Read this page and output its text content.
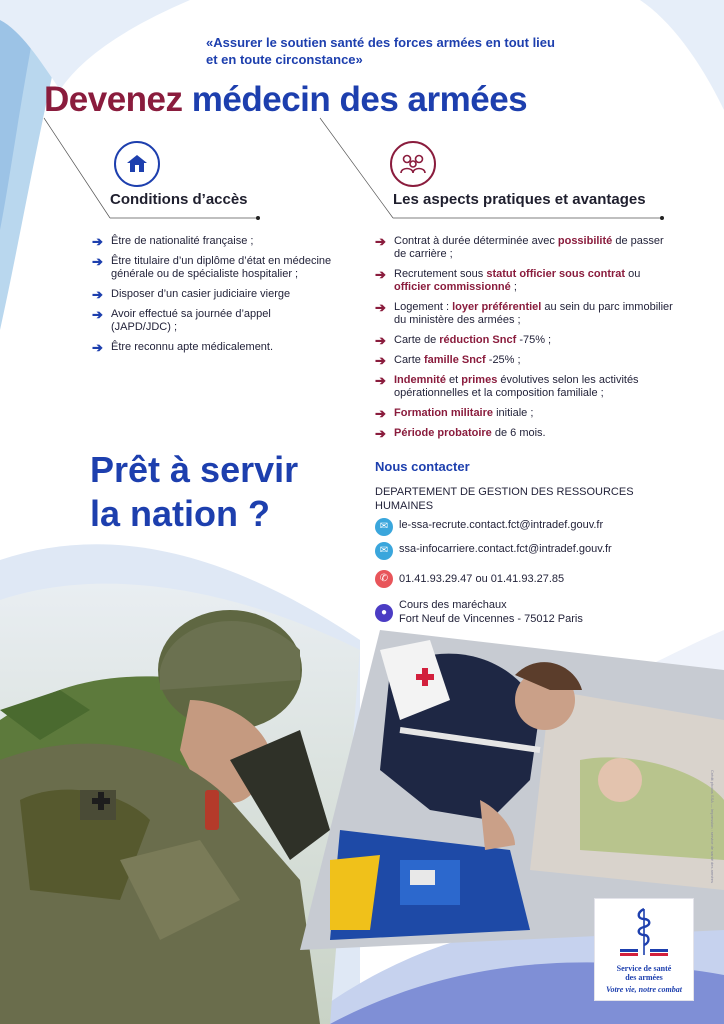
«Assurer le soutien santé des forces armées en tout lieu
et en toute circonstance»
Devenez médecin des armées
Conditions d’accès	Les aspects pratiques et avantages
➔ Être de nationalité française ;
➔ Être titulaire d’un diplôme d’état en médecine générale ou de spécialiste hospitalier ;
➔ Disposer d’un casier judiciaire vierge
➔ Avoir effectué sa journée d’appel (JAPD/JDC) ;
➔ Être reconnu apte médicalement.
➔ Contrat à durée déterminée avec possibilité de passer de carrière ;
➔ Recrutement sous statut officier sous contrat ou officier commissionné ;
➔ Logement : loyer préférentiel au sein du parc immobilier du ministère des armées ;
➔ Carte de réduction Sncf -75% ;
➔ Carte famille Sncf -25% ;
➔ Indemnité et primes évolutives selon les activités opérationnelles et la composition familiale ;
➔ Formation militaire initiale ;
➔ Période probatoire de 6 mois.
Prêt à servir
la nation ?
Nous contacter
DEPARTEMENT DE GESTION DES RESSOURCES HUMAINES
✉ le-ssa-recrute.contact.fct@intradef.gouv.fr
✉ ssa-infocarriere.contact.fct@intradef.gouv.fr
✆ 01.41.93.29.47 ou 01.41.93.27.85
●
Cours des maréchaux
Fort Neuf de Vincennes - 75012 Paris
Crédit photos SSA — Impression : service de santé des armées
Service de santé
des armées
Votre vie, notre combat
